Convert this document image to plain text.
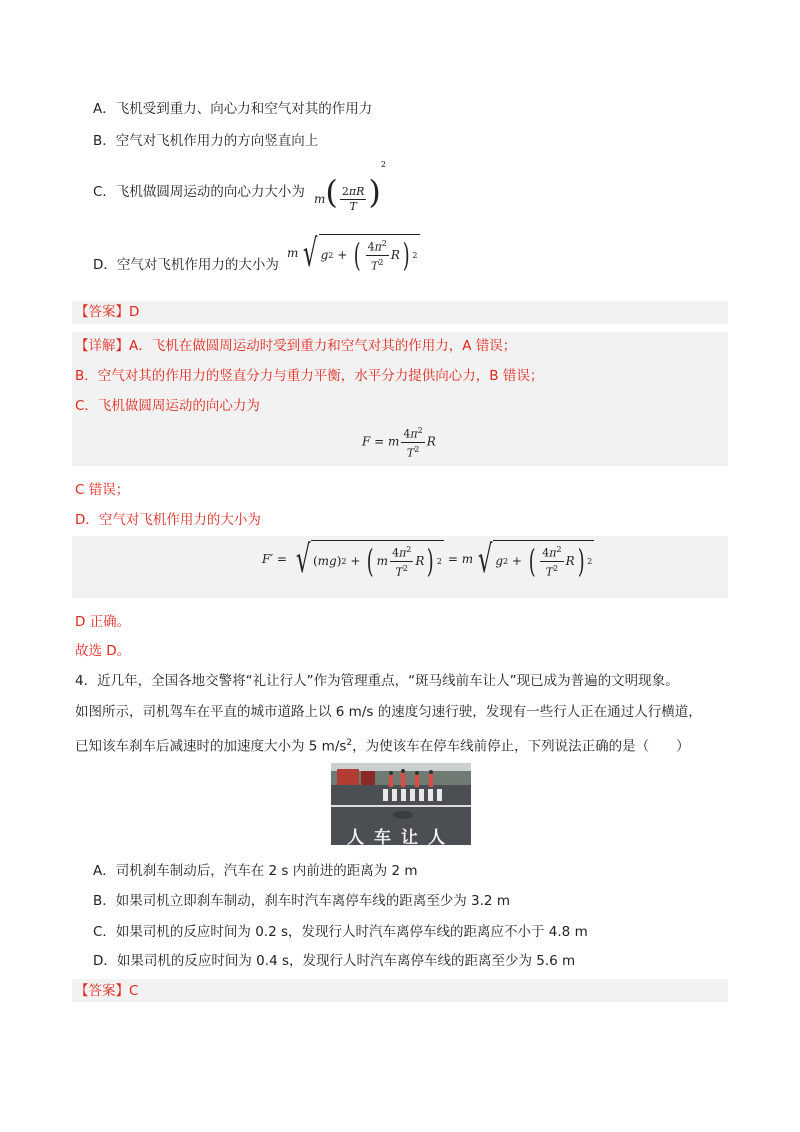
A．飞机受到重力、向心力和空气对其的作用力
B．空气对飞机作用力的方向竖直向上
C．飞机做圆周运动的向心力大小为 $m( \frac{2\pi R}{T} )^2$
D．空气对飞机作用力的大小为
m √ g 2 + ( $\frac{4\pi^2}{T^2}$ R ) 2
【答案】D
【详解】A．飞机在做圆周运动时受到重力和空气对其的作用力，A 错误；
B．空气对其的作用力的竖直分力与重力平衡，水平分力提供向心力，B 错误；
C．飞机做圆周运动的向心力为
F = m $\frac{4\pi^2}{T^2}$ R
C 错误；
D．空气对飞机作用力的大小为
F′ = √ ( mg ) 2 + ( m $\frac{4\pi^2}{T^2}$ R ) 2 = m √ g 2 + ( $\frac{4\pi^2}{T^2}$ R ) 2
D 正确。
故选 D。
4．近几年，全国各地交警将“礼让行人”作为管理重点，“斑马线前车让人”现已成为普遍的文明现象。
如图所示，司机驾车在平直的城市道路上以 6 m/s 的速度匀速行驶，发现有一些行人正在通过人行横道，
已知该车刹车后减速时的加速度大小为 5 $m/s^2$，为使该车在停车线前停止，下列说法正确的是（　　）
人车让人
A．司机刹车制动后，汽车在 2 s 内前进的距离为 2 m
B．如果司机立即刹车制动，刹车时汽车离停车线的距离至少为 3.2 m
C．如果司机的反应时间为 0.2 s，发现行人时汽车离停车线的距离应不小于 4.8 m
D．如果司机的反应时间为 0.4 s，发现行人时汽车离停车线的距离至少为 5.6 m
【答案】C
